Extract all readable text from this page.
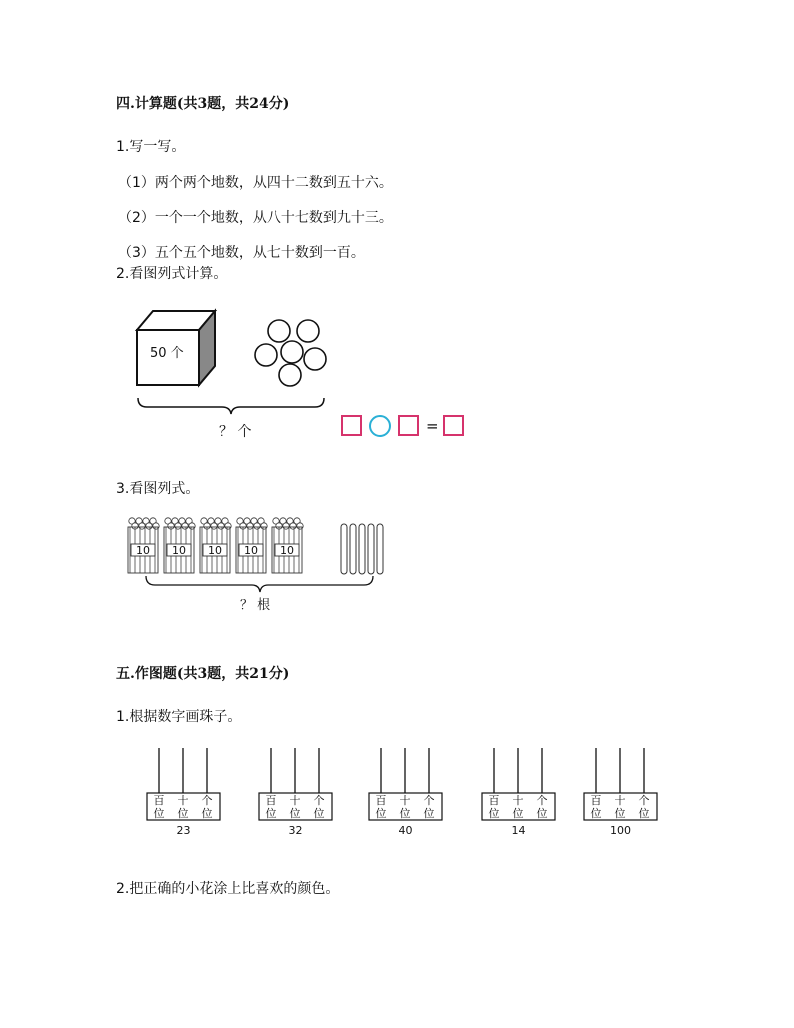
四.计算题(共3题，共24分)
1.写一写。
（1）两个两个地数，从四十二数到五十六。
（2）一个一个地数，从八十七数到九十三。
（3）五个五个地数，从七十数到一百。
2.看图列式计算。
50 个
？ 个	=
3.看图列式。
10 10 10 10 10
？ 根
五.作图题(共3题，共21分)
1.根据数字画珠子。
百
位
十
位
个
位
23
百
位
十
位
个
位
32
百
位
十
位
个
位
40
百
位
十
位
个
位
14
百
位
十
位
个
位
100
2.把正确的小花涂上比喜欢的颜色。
